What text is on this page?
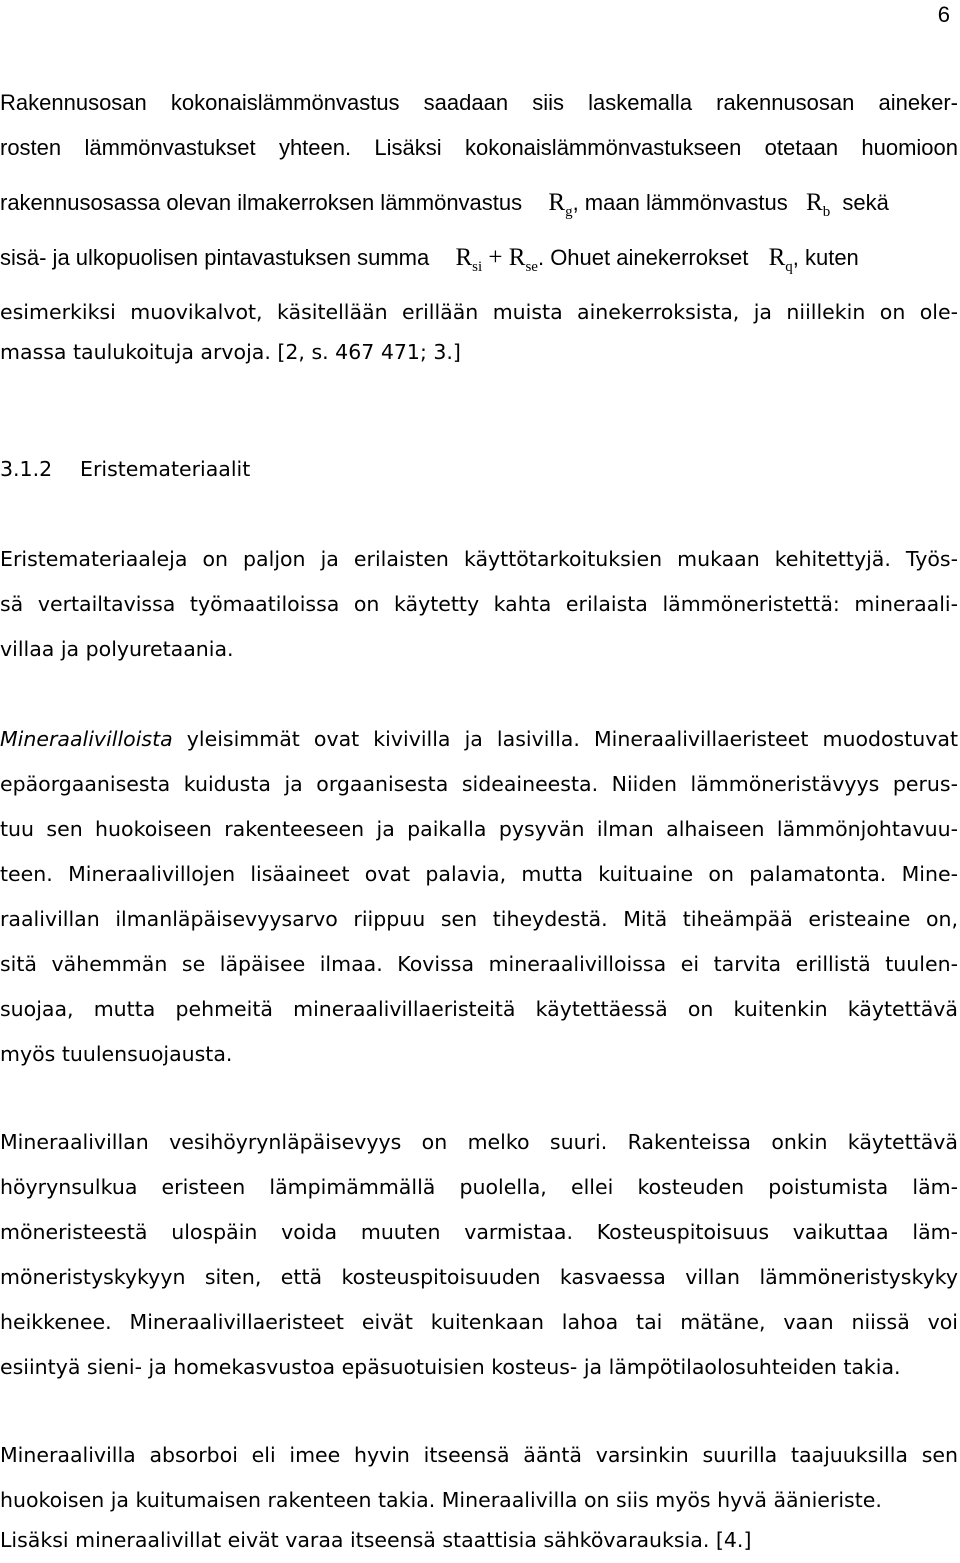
6
Rakennusosan kokonaislämmönvastus saadaan siis laskemalla rakennusosan aineker-
rosten lämmönvastukset yhteen. Lisäksi kokonaislämmönvastukseen otetaan huomioon
rakennusosassa olevan ilmakerroksen lämmönvastus $R_g$, maan lämmönvastus $R_b$ sekä
sisä- ja ulkopuolisen pintavastuksen summa $R_{si} + R_{se}$. Ohuet ainekerrokset $R_q$, kuten
esimerkiksi muovikalvot, käsitellään erillään muista ainekerroksista, ja niillekin on ole-
massa taulukoituja arvoja. [2, s. 467 471; 3.]
3.1.2 Eristemateriaalit
Eristemateriaaleja on paljon ja erilaisten käyttötarkoituksien mukaan kehitettyjä. Työs-
sä vertailtavissa työmaatiloissa on käytetty kahta erilaista lämmöneristettä: mineraali-
villaa ja polyuretaania.
Mineraalivilloista yleisimmät ovat kivivilla ja lasivilla. Mineraalivillaeristeet muodostuvat
epäorgaanisesta kuidusta ja orgaanisesta sideaineesta. Niiden lämmöneristävyys perus-
tuu sen huokoiseen rakenteeseen ja paikalla pysyvän ilman alhaiseen lämmönjohtavuu-
teen. Mineraalivillojen lisäaineet ovat palavia, mutta kuituaine on palamatonta. Mine-
raalivillan ilmanläpäisevyysarvo riippuu sen tiheydestä. Mitä tiheämpää eristeaine on,
sitä vähemmän se läpäisee ilmaa. Kovissa mineraalivilloissa ei tarvita erillistä tuulen-
suojaa, mutta pehmeitä mineraalivillaeristeitä käytettäessä on kuitenkin käytettävä
myös tuulensuojausta.
Mineraalivillan vesihöyrynläpäisevyys on melko suuri. Rakenteissa onkin käytettävä
höyrynsulkua eristeen lämpimämmällä puolella, ellei kosteuden poistumista läm-
möneristeestä ulospäin voida muuten varmistaa. Kosteuspitoisuus vaikuttaa läm-
möneristyskykyyn siten, että kosteuspitoisuuden kasvaessa villan lämmöneristyskyky
heikkenee. Mineraalivillaeristeet eivät kuitenkaan lahoa tai mätäne, vaan niissä voi
esiintyä sieni- ja homekasvustoa epäsuotuisien kosteus- ja lämpötilaolosuhteiden takia.
Mineraalivilla absorboi eli imee hyvin itseensä ääntä varsinkin suurilla taajuuksilla sen
huokoisen ja kuitumaisen rakenteen takia. Mineraalivilla on siis myös hyvä äänieriste.
Lisäksi mineraalivillat eivät varaa itseensä staattisia sähkövarauksia. [4.]
